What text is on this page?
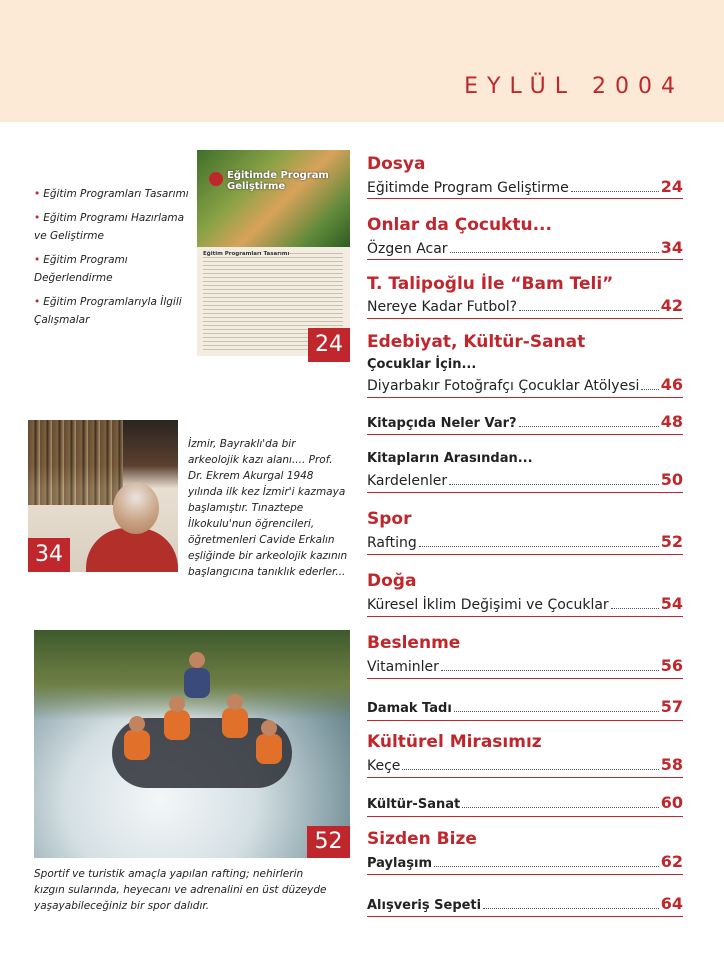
EYLÜL 2004
• Eğitim Programları Tasarımı
• Eğitim Programı Hazırlama ve Geliştirme
• Eğitim Programı Değerlendirme
• Eğitim Programlarıyla İlgili Çalışmalar
Eğitimde Program
Geliştirme
Eğitim Programları Tasarımı
24
34
İzmir, Bayraklı'da bir arkeolojik kazı alanı.... Prof. Dr. Ekrem Akurgal 1948 yılında ilk kez İzmir'i kazmaya başlamıştır. Tınaztepe İlkokulu'nun öğrencileri, öğretmenleri Cavide Erkalın eşliğinde bir arkeolojik kazının başlangıcına tanıklık ederler...
52
Sportif ve turistik amaçla yapılan rafting; nehirlerin kızgın sularında, heyecanı ve adrenalini en üst düzeyde yaşayabileceğiniz bir spor dalıdır.
Dosya
Eğitimde Program Geliştirme	24
Onlar da Çocuktu...
Özgen Acar	34
T. Talipoğlu İle “Bam Teli”
Nereye Kadar Futbol?	42
Edebiyat, Kültür-Sanat
Çocuklar İçin...
Diyarbakır Fotoğrafçı Çocuklar Atölyesi 46
Kitapçıda Neler Var?	48
Kitapların Arasından...
Kardelenler	50
Spor
Rafting	52
Doğa
Küresel İklim Değişimi ve Çocuklar	54
Beslenme
Vitaminler	56
Damak Tadı	57
Kültürel Mirasımız
Keçe	58
Kültür-Sanat	60
Sizden Bize
Paylaşım	62
Alışveriş Sepeti	64
